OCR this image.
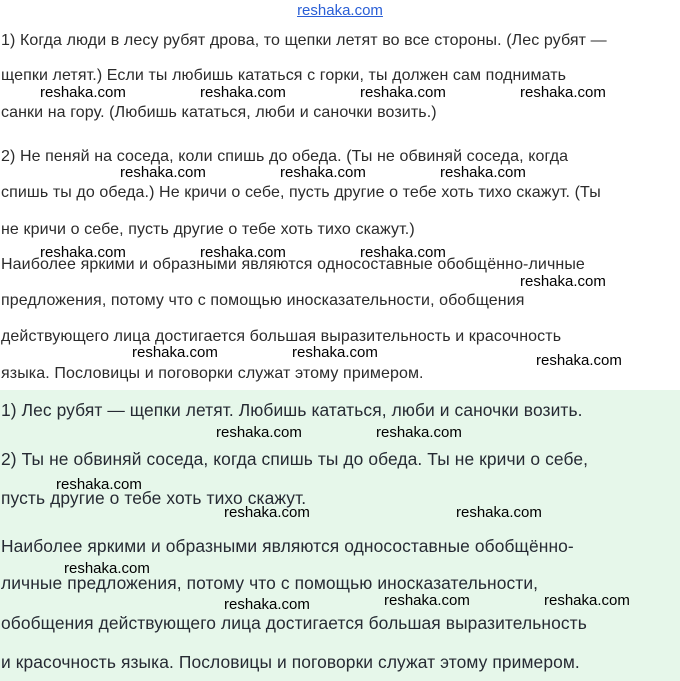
reshaka.com
1) Когда люди в лесу рубят дрова, то щепки летят во все стороны. (Лес рубят —
щепки летят.) Если ты любишь кататься с горки, ты должен сам поднимать
санки на гору. (Любишь кататься, люби и саночки возить.)
2) Не пеняй на соседа, коли спишь до обеда. (Ты не обвиняй соседа, когда
спишь ты до обеда.) Не кричи о себе, пусть другие о тебе хоть тихо скажут. (Ты
не кричи о себе, пусть другие о тебе хоть тихо скажут.)
Наиболее яркими и образными являются односоставные обобщённо-личные
предложения, потому что с помощью иносказательности, обобщения
действующего лица достигается большая выразительность и красочность
языка. Пословицы и поговорки служат этому примером.
1) Лес рубят — щепки летят. Любишь кататься, люби и саночки возить.
2) Ты не обвиняй соседа, когда спишь ты до обеда. Ты не кричи о себе,
пусть другие о тебе хоть тихо скажут.
Наиболее яркими и образными являются односоставные обобщённо-
личные предложения, потому что с помощью иносказательности,
обобщения действующего лица достигается большая выразительность
и красочность языка. Пословицы и поговорки служат этому примером.
reshaka.com	reshaka.com	reshaka.com	reshaka.com
reshaka.com	reshaka.com	reshaka.com
reshaka.com	reshaka.com	reshaka.com
reshaka.com
reshaka.com	reshaka.com	reshaka.com
reshaka.com	reshaka.com
reshaka.com
reshaka.com	reshaka.com
reshaka.com
reshaka.com	reshaka.com	reshaka.com
